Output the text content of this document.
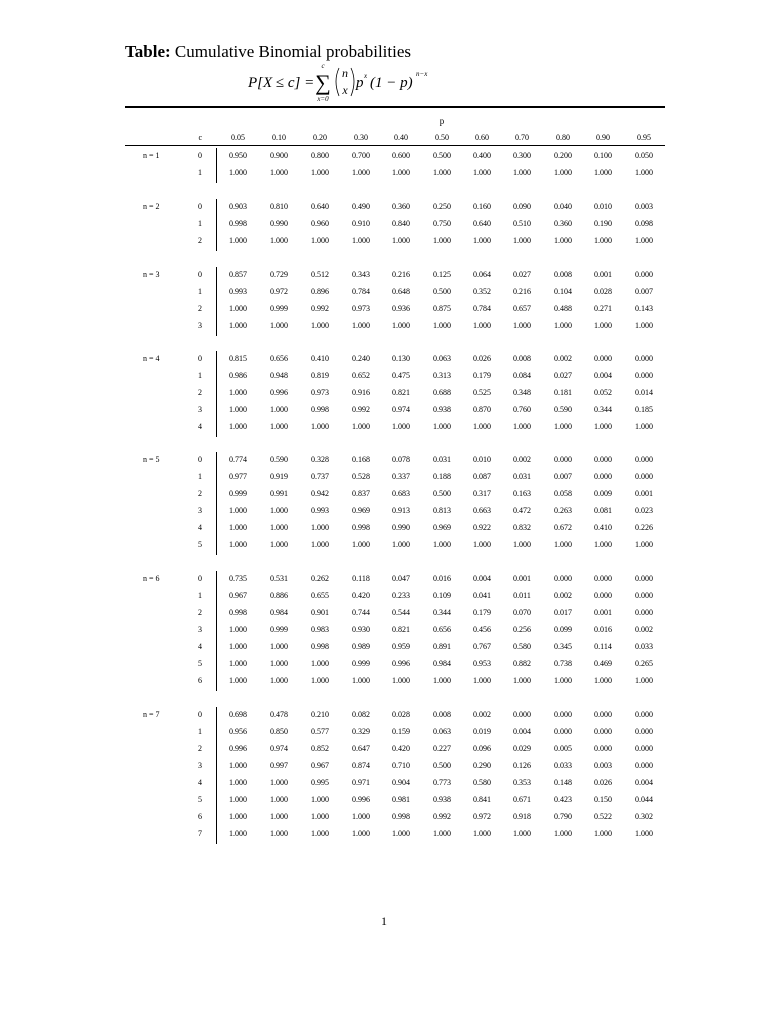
Table: Cumulative Binomial probabilities
P[X ≤ c] =
c
∑
x=0
n
x p x (1 − p)
n−x
p
c	0.05	0.10	0.20	0.30	0.40	0.50	0.60	0.70	0.80	0.90	0.95
n = 1	0	0.950	0.900	0.800	0.700	0.600	0.500	0.400	0.300	0.200	0.100	0.050
1	1.000	1.000	1.000	1.000	1.000	1.000	1.000	1.000	1.000	1.000	1.000
n = 2	0	0.903	0.810	0.640	0.490	0.360	0.250	0.160	0.090	0.040	0.010	0.003
1	0.998	0.990	0.960	0.910	0.840	0.750	0.640	0.510	0.360	0.190	0.098
2	1.000	1.000	1.000	1.000	1.000	1.000	1.000	1.000	1.000	1.000	1.000
n = 3	0	0.857	0.729	0.512	0.343	0.216	0.125	0.064	0.027	0.008	0.001	0.000
1	0.993	0.972	0.896	0.784	0.648	0.500	0.352	0.216	0.104	0.028	0.007
2	1.000	0.999	0.992	0.973	0.936	0.875	0.784	0.657	0.488	0.271	0.143
3	1.000	1.000	1.000	1.000	1.000	1.000	1.000	1.000	1.000	1.000	1.000
n = 4	0	0.815	0.656	0.410	0.240	0.130	0.063	0.026	0.008	0.002	0.000	0.000
1	0.986	0.948	0.819	0.652	0.475	0.313	0.179	0.084	0.027	0.004	0.000
2	1.000	0.996	0.973	0.916	0.821	0.688	0.525	0.348	0.181	0.052	0.014
3	1.000	1.000	0.998	0.992	0.974	0.938	0.870	0.760	0.590	0.344	0.185
4	1.000	1.000	1.000	1.000	1.000	1.000	1.000	1.000	1.000	1.000	1.000
n = 5	0	0.774	0.590	0.328	0.168	0.078	0.031	0.010	0.002	0.000	0.000	0.000
1	0.977	0.919	0.737	0.528	0.337	0.188	0.087	0.031	0.007	0.000	0.000
2	0.999	0.991	0.942	0.837	0.683	0.500	0.317	0.163	0.058	0.009	0.001
3	1.000	1.000	0.993	0.969	0.913	0.813	0.663	0.472	0.263	0.081	0.023
4	1.000	1.000	1.000	0.998	0.990	0.969	0.922	0.832	0.672	0.410	0.226
5	1.000	1.000	1.000	1.000	1.000	1.000	1.000	1.000	1.000	1.000	1.000
n = 6	0	0.735	0.531	0.262	0.118	0.047	0.016	0.004	0.001	0.000	0.000	0.000
1	0.967	0.886	0.655	0.420	0.233	0.109	0.041	0.011	0.002	0.000	0.000
2	0.998	0.984	0.901	0.744	0.544	0.344	0.179	0.070	0.017	0.001	0.000
3	1.000	0.999	0.983	0.930	0.821	0.656	0.456	0.256	0.099	0.016	0.002
4	1.000	1.000	0.998	0.989	0.959	0.891	0.767	0.580	0.345	0.114	0.033
5	1.000	1.000	1.000	0.999	0.996	0.984	0.953	0.882	0.738	0.469	0.265
6	1.000	1.000	1.000	1.000	1.000	1.000	1.000	1.000	1.000	1.000	1.000
n = 7	0	0.698	0.478	0.210	0.082	0.028	0.008	0.002	0.000	0.000	0.000	0.000
1	0.956	0.850	0.577	0.329	0.159	0.063	0.019	0.004	0.000	0.000	0.000
2	0.996	0.974	0.852	0.647	0.420	0.227	0.096	0.029	0.005	0.000	0.000
3	1.000	0.997	0.967	0.874	0.710	0.500	0.290	0.126	0.033	0.003	0.000
4	1.000	1.000	0.995	0.971	0.904	0.773	0.580	0.353	0.148	0.026	0.004
5	1.000	1.000	1.000	0.996	0.981	0.938	0.841	0.671	0.423	0.150	0.044
6	1.000	1.000	1.000	1.000	0.998	0.992	0.972	0.918	0.790	0.522	0.302
7	1.000	1.000	1.000	1.000	1.000	1.000	1.000	1.000	1.000	1.000	1.000
1
